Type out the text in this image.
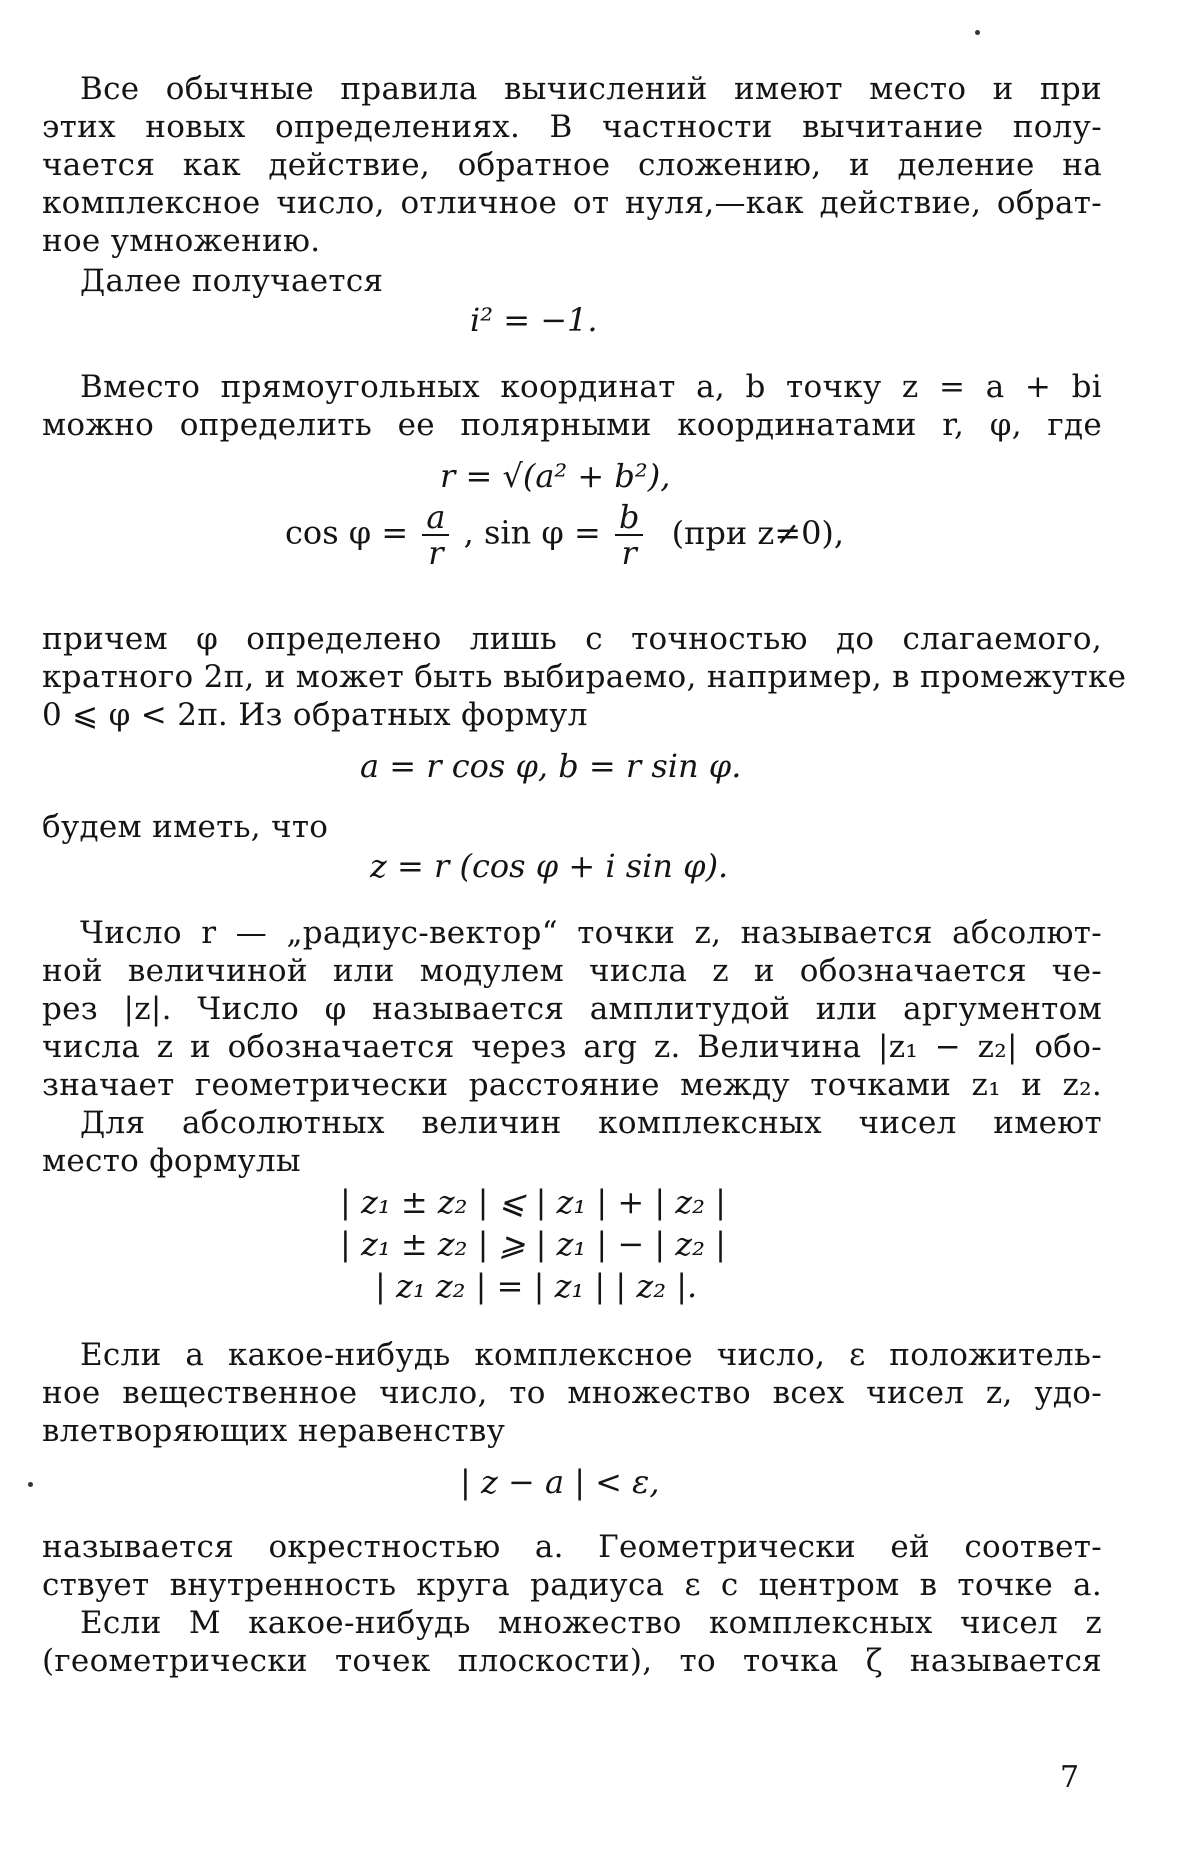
Все обычные правила вычислений имеют место и при
этих новых определениях. В частности вычитание полу-
чается как действие, обратное сложению, и деление на
комплексное число, отличное от нуля,—как действие, обрат-
ное умножению.
Далее получается
i² = −1.
Вместо прямоугольных координат a, b точку z = a + bi
можно определить ее полярными координатами r, φ, где
r = √(a² + b²),
$\cos \varphi = \frac{a}{r}$ , $\sin \varphi = \frac{b}{r} (при$ z≠0),
причем φ определено лишь с точностью до слагаемого,
кратного 2π, и может быть выбираемо, например, в промежутке
0 ⩽ φ < 2π. Из обратных формул
a = r cos φ, b = r sin φ.
будем иметь, что
z = r (cos φ + i sin φ).
Число r — „радиус-вектор“ точки z, называется абсолют-
ной величиной или модулем числа z и обозначается че-
рез |z|. Число φ называется амплитудой или аргументом
числа z и обозначается через arg z. Величина |z₁ − z₂| обо-
значает геометрически расстояние между точками z₁ и z₂.
Для абсолютных величин комплексных чисел имеют
место формулы
| z₁ ± z₂ | ⩽ | z₁ | + | z₂ |
| z₁ ± z₂ | ⩾ | z₁ | − | z₂ |
| z₁ z₂ | = | z₁ | | z₂ |.
Если a какое-нибудь комплексное число, ε положитель-
ное вещественное число, то множество всех чисел z, удо-
влетворяющих неравенству
| z − a | < ε,
называется окрестностью a. Геометрически ей соответ-
ствует внутренность круга радиуса ε с центром в точке a.
Если M какое-нибудь множество комплексных чисел z
(геометрически точек плоскости), то точка ζ называется
7
